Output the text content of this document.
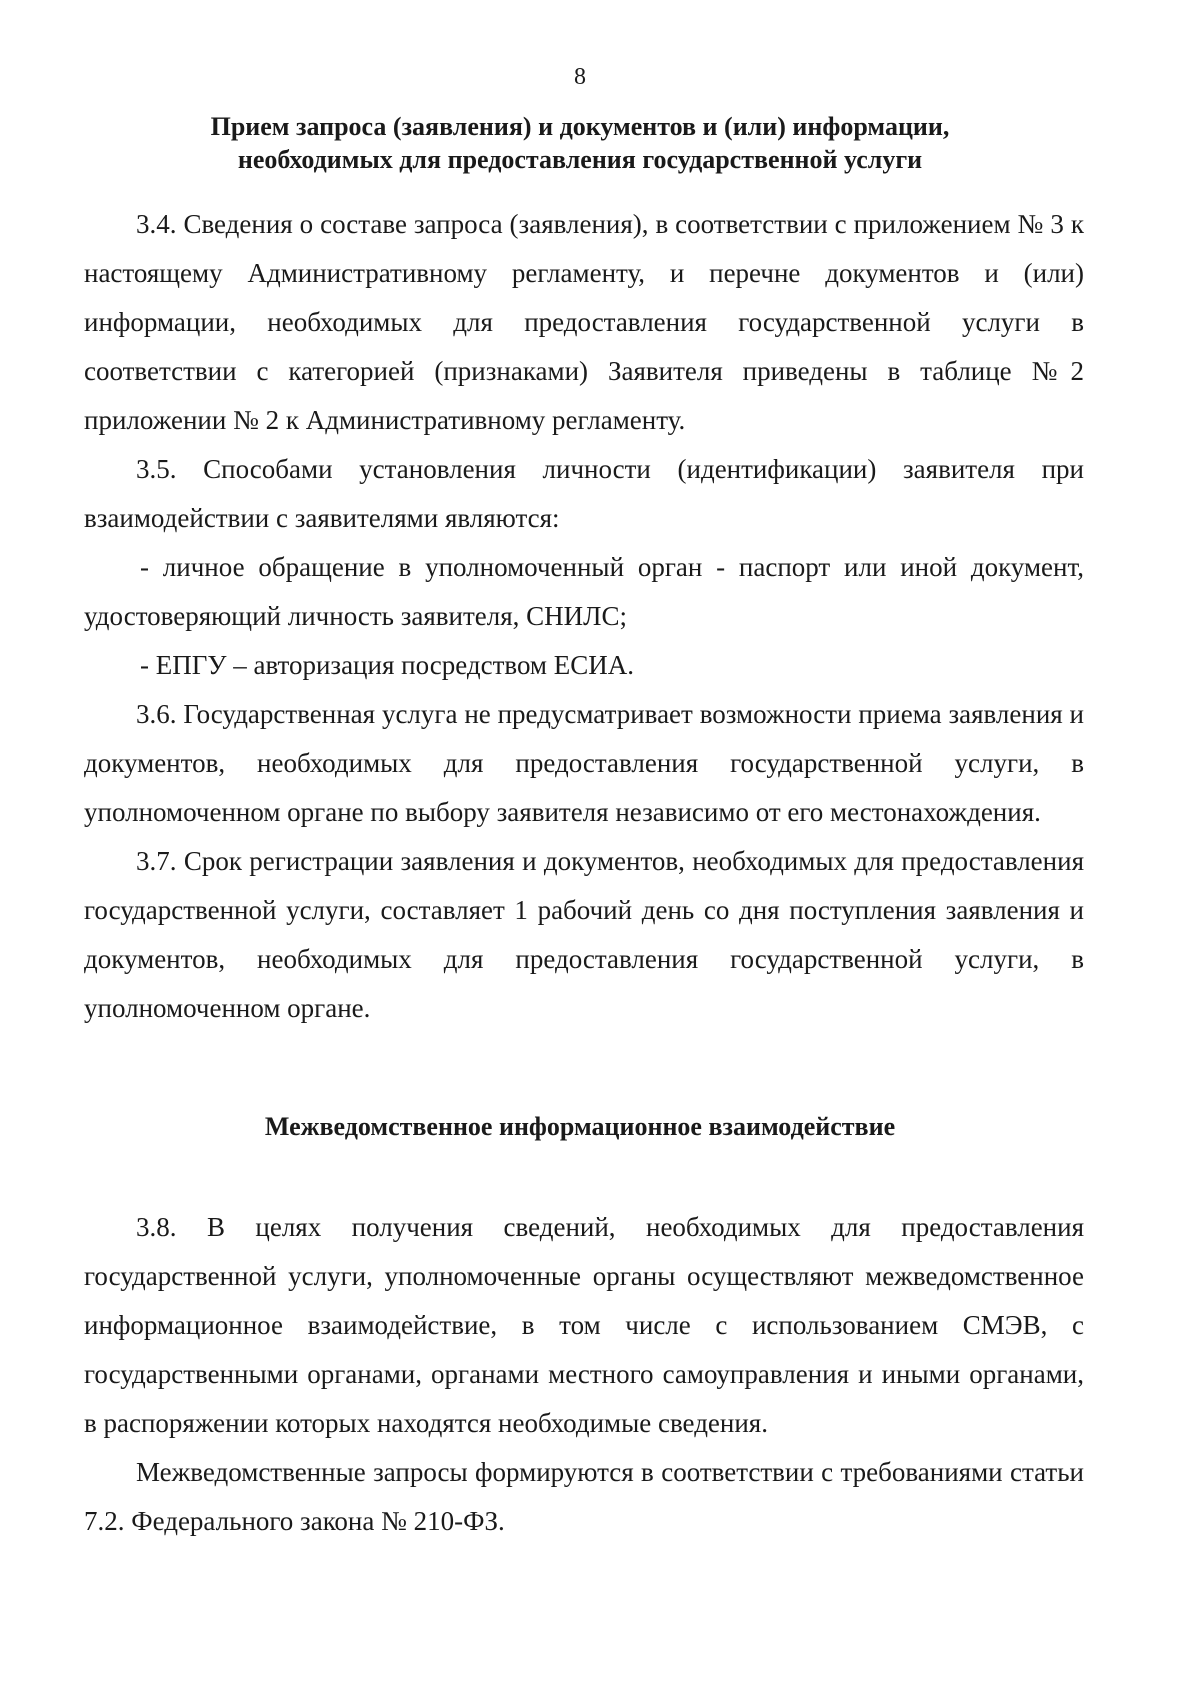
8
Прием запроса (заявления) и документов и (или) информации,
необходимых для предоставления государственной услуги

3.4. Сведения о составе запроса (заявления), в соответствии с приложением № 3 к настоящему Административному регламенту, и перечне документов и (или) информации, необходимых для предоставления государственной услуги в соответствии с категорией (признаками) Заявителя приведены в таблице №2 приложении № 2 к Административному регламенту.

3.5. Способами установления личности (идентификации) заявителя при взаимодействии с заявителями являются:

- личное обращение в уполномоченный орган - паспорт или иной документ, удостоверяющий личность заявителя, СНИЛС;

- ЕПГУ – авторизация посредством ЕСИА.

3.6. Государственная услуга не предусматривает возможности приема заявления и документов, необходимых для предоставления государственной услуги, в уполномоченном органе по выбору заявителя независимо от его местонахождения.

3.7. Срок регистрации заявления и документов, необходимых для предоставления государственной услуги, составляет 1 рабочий день со дня поступления заявления и документов, необходимых для предоставления государственной услуги, в уполномоченном органе.

Межведомственное информационное взаимодействие

3.8. В целях получения сведений, необходимых для предоставления государственной услуги, уполномоченные органы осуществляют межведомственное информационное взаимодействие, в том числе с использованием СМЭВ, с государственными органами, органами местного самоуправления и иными органами, в распоряжении которых находятся необходимые сведения.

Межведомственные запросы формируются в соответствии с требованиями статьи 7.2. Федерального закона № 210-ФЗ.
